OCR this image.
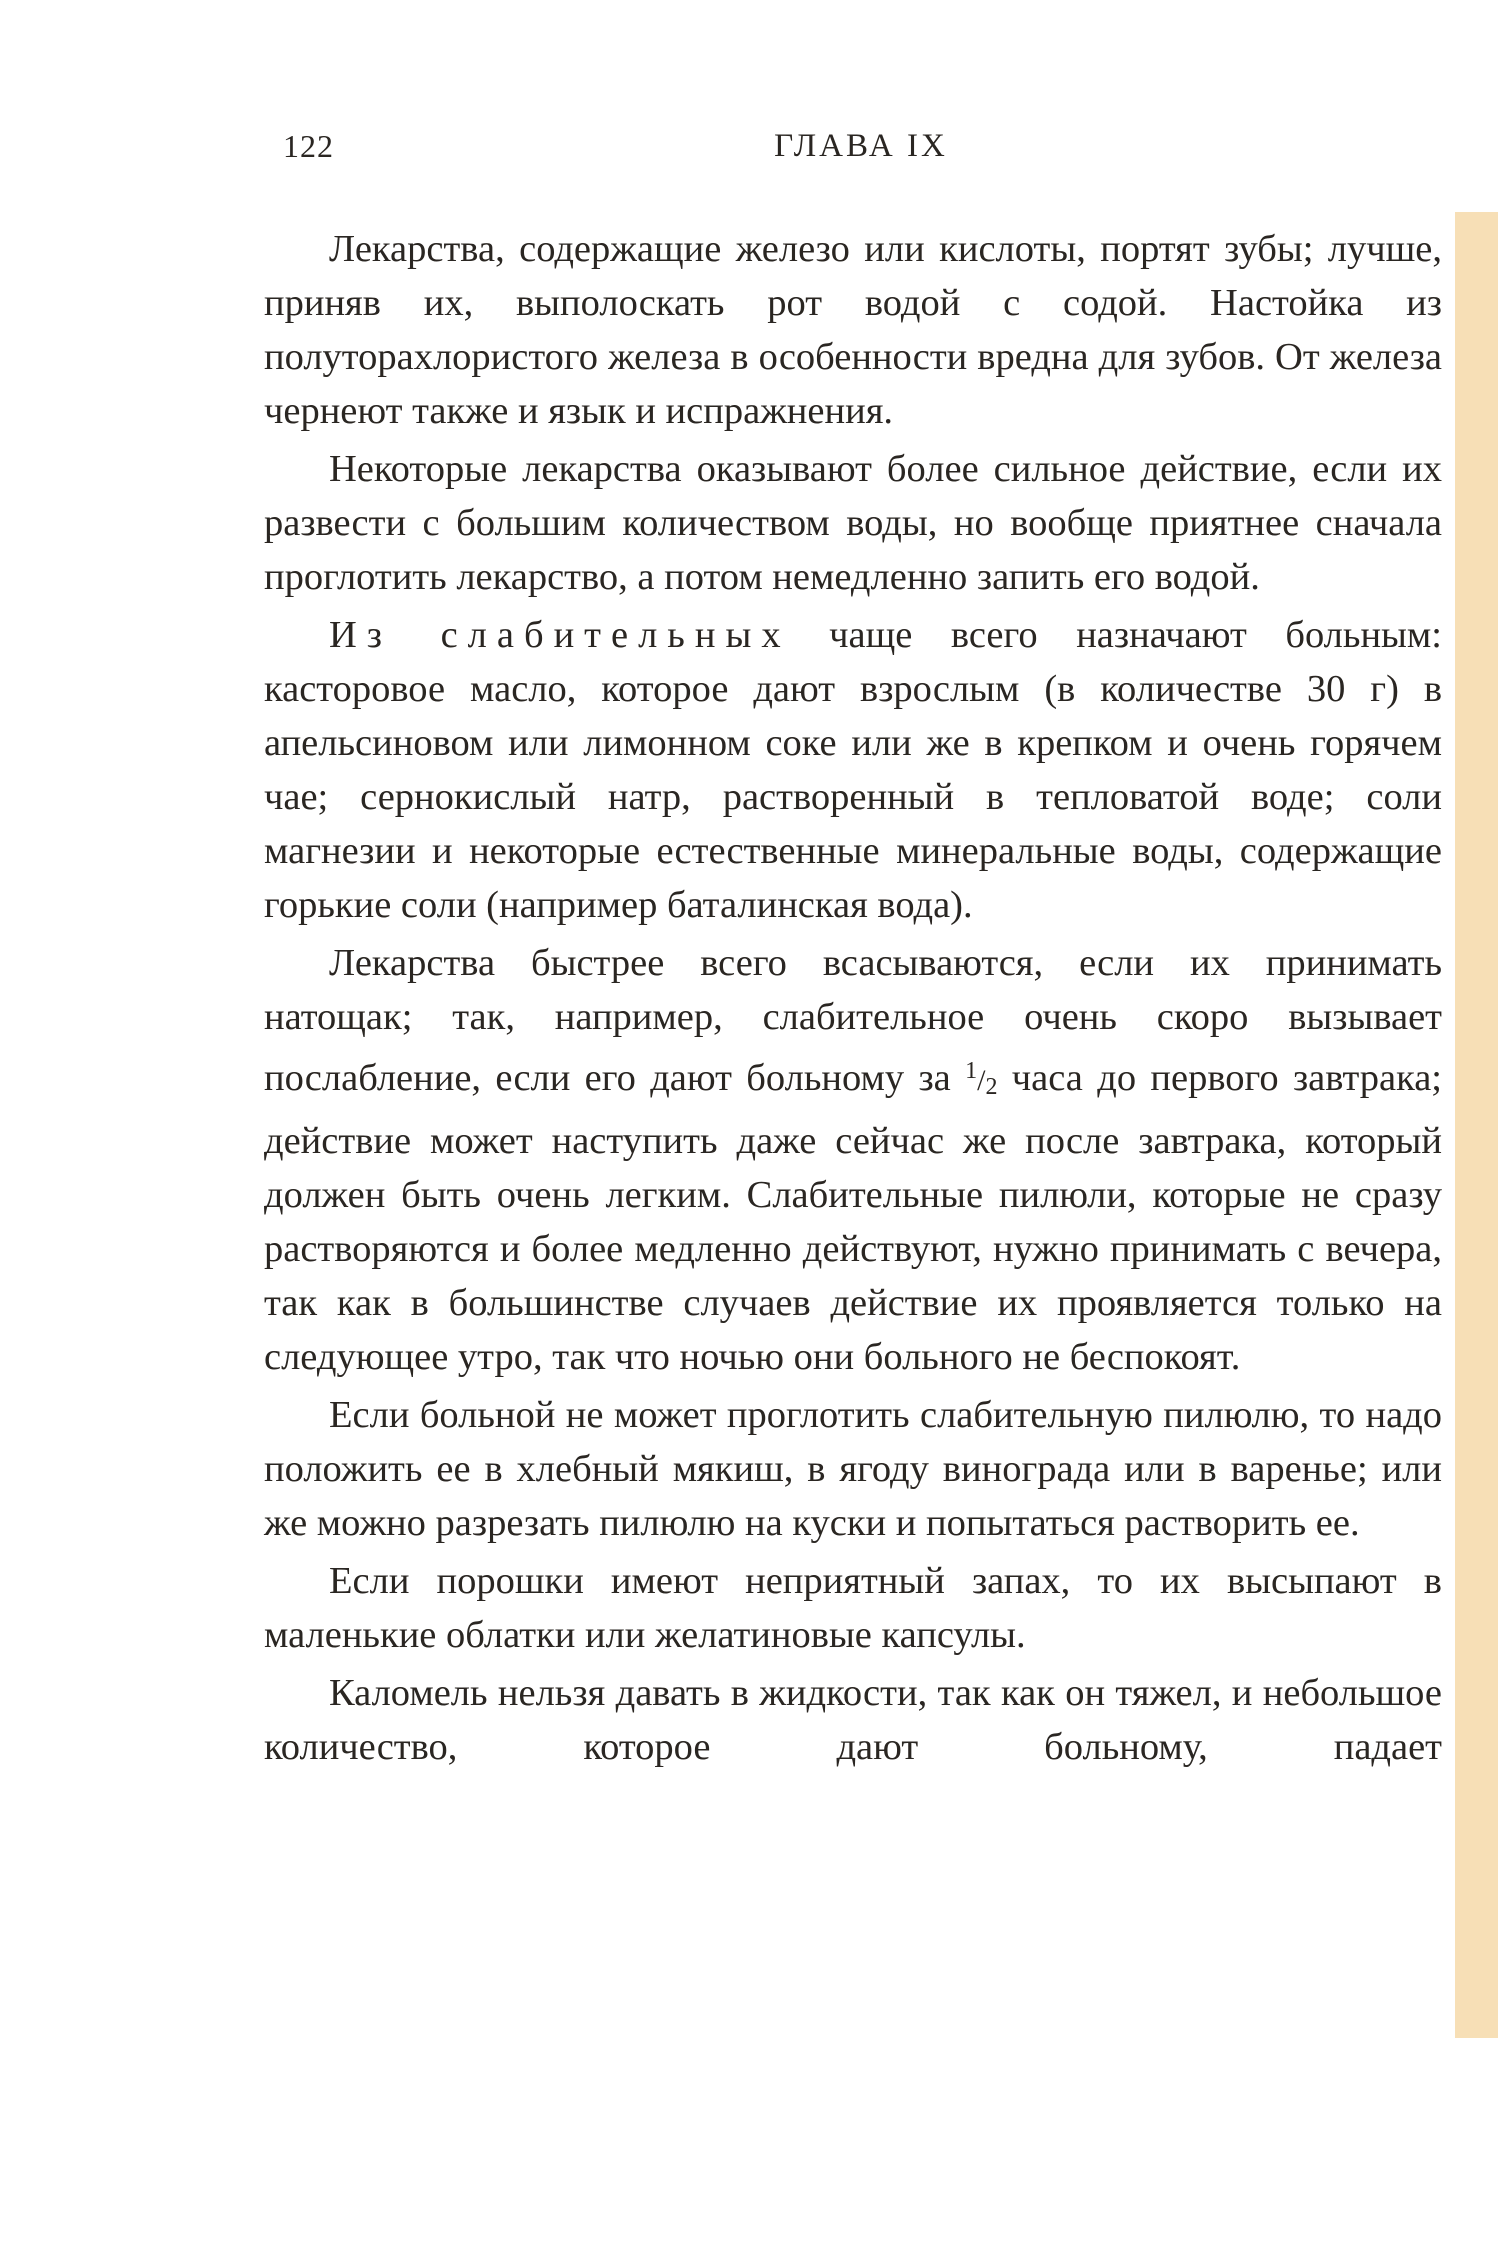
122	ГЛАВА IX

Лекарства, содержащие железо или кислоты, портят зубы; лучше, приняв их, выполоскать рот водой с содой. Настойка из полуторахлористого железа в особенности вредна для зубов. От железа чернеют также и язык и испражнения.

Некоторые лекарства оказывают более сильное действие, если их развести с большим количеством воды, но вообще приятнее сначала проглотить лекарство, а потом немедленно запить его водой.

Из слабительных чаще всего назначают больным: касторовое масло, которое дают взрослым (в количестве 30 г) в апельсиновом или лимонном соке или же в крепком и очень горячем чае; сернокислый натр, растворенный в тепловатой воде; соли магнезии и некоторые естественные минеральные воды, содержащие горькие соли (например баталинская вода).

Лекарства быстрее всего всасываются, если их принимать натощак; так, например, слабительное очень скоро вызывает послабление, если его дают больному за $^1/_2$ часа до первого завтрака; действие может наступить даже сейчас же после завтрака, который должен быть очень легким. Слабительные пилюли, которые не сразу растворяются и более медленно действуют, нужно принимать с вечера, так как в большинстве случаев действие их проявляется только на следующее утро, так что ночью они больного не беспокоят.

Если больной не может проглотить слабительную пилюлю, то надо положить ее в хлебный мякиш, в ягоду винограда или в варенье; или же можно разрезать пилюлю на куски и попытаться растворить ее.

Если порошки имеют неприятный запах, то их высыпают в маленькие облатки или желатиновые капсулы.

Каломель нельзя давать в жидкости, так как он тяжел, и небольшое количество, которое дают больному, падает
